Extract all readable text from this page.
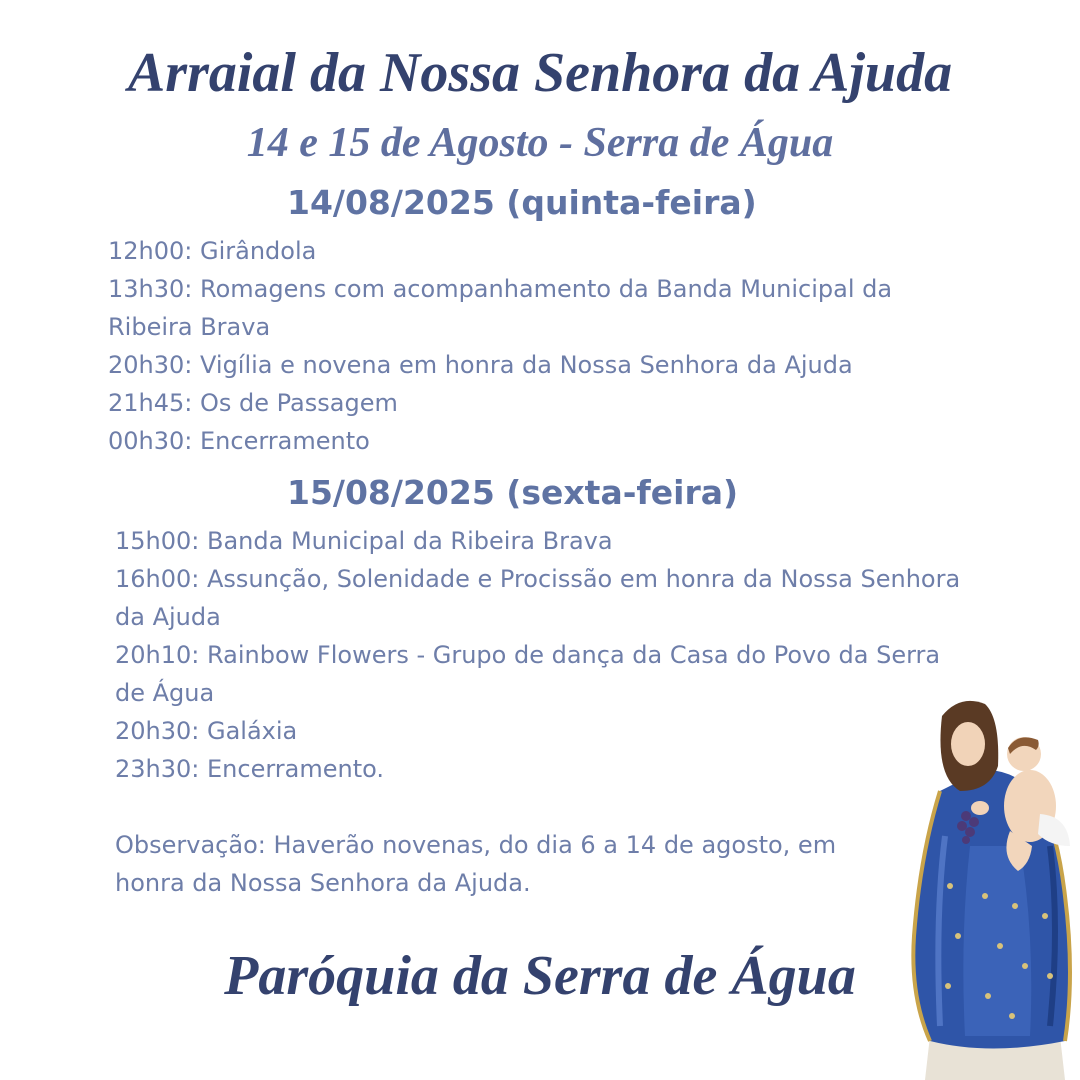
Arraial da Nossa Senhora da Ajuda
14 e 15 de Agosto - Serra de Água
14/08/2025 (quinta-feira)
12h00: Girândola
13h30: Romagens com acompanhamento da Banda Municipal da Ribeira Brava
20h30: Vigília e novena em honra da Nossa Senhora da Ajuda
21h45: Os de Passagem
00h30: Encerramento
15/08/2025 (sexta-feira)
15h00: Banda Municipal da Ribeira Brava
16h00: Assunção, Solenidade e Procissão em honra da Nossa Senhora da Ajuda
20h10: Rainbow Flowers - Grupo de dança da Casa do Povo da Serra de Água
20h30: Galáxia
23h30: Encerramento.

Observação: Haverão novenas, do dia 6 a 14 de agosto, em honra da Nossa Senhora da Ajuda.

Paróquia da Serra de Água
